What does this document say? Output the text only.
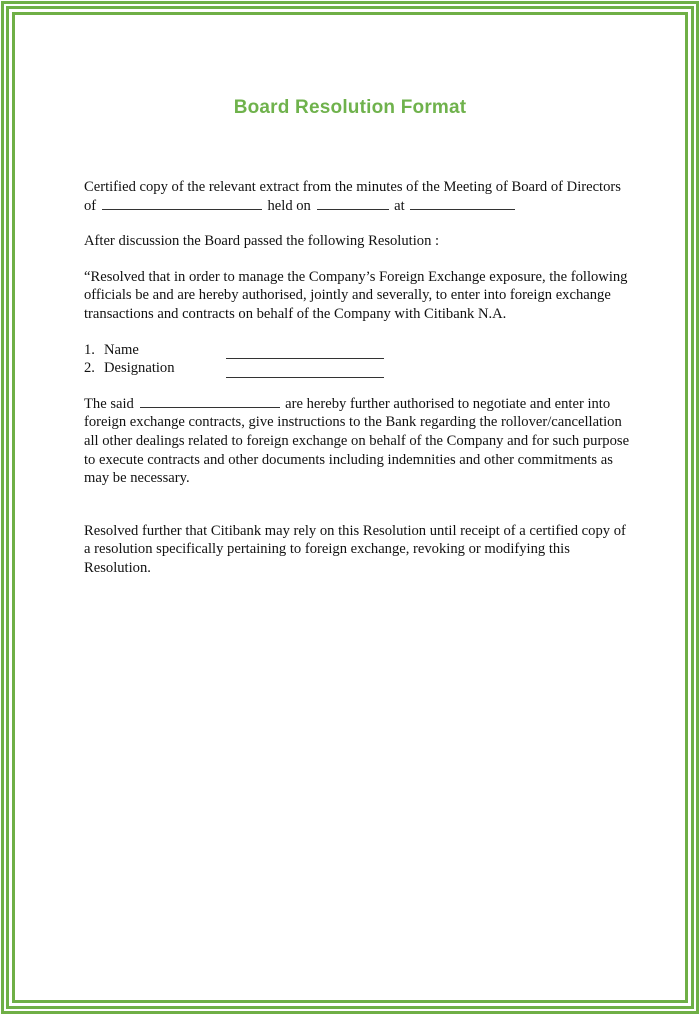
Board Resolution Format

Certified copy of the relevant extract from the minutes of the Meeting of Board of Directors of	held on	at

After discussion the Board passed the following Resolution :

“Resolved that in order to manage the Company’s Foreign Exchange exposure, the following officials be and are hereby authorised, jointly and severally, to enter into foreign exchange transactions and contracts on behalf of the Company with Citibank N.A.

1. Name
2. Designation

The said	are hereby further authorised to negotiate and enter into foreign exchange contracts, give instructions to the Bank regarding the rollover/cancellation all other dealings related to foreign exchange on behalf of the Company and for such purpose to execute contracts and other documents including indemnities and other commitments as may be necessary.

Resolved further that Citibank may rely on this Resolution until receipt of a certified copy of a resolution specifically pertaining to foreign exchange, revoking or modifying this Resolution.
